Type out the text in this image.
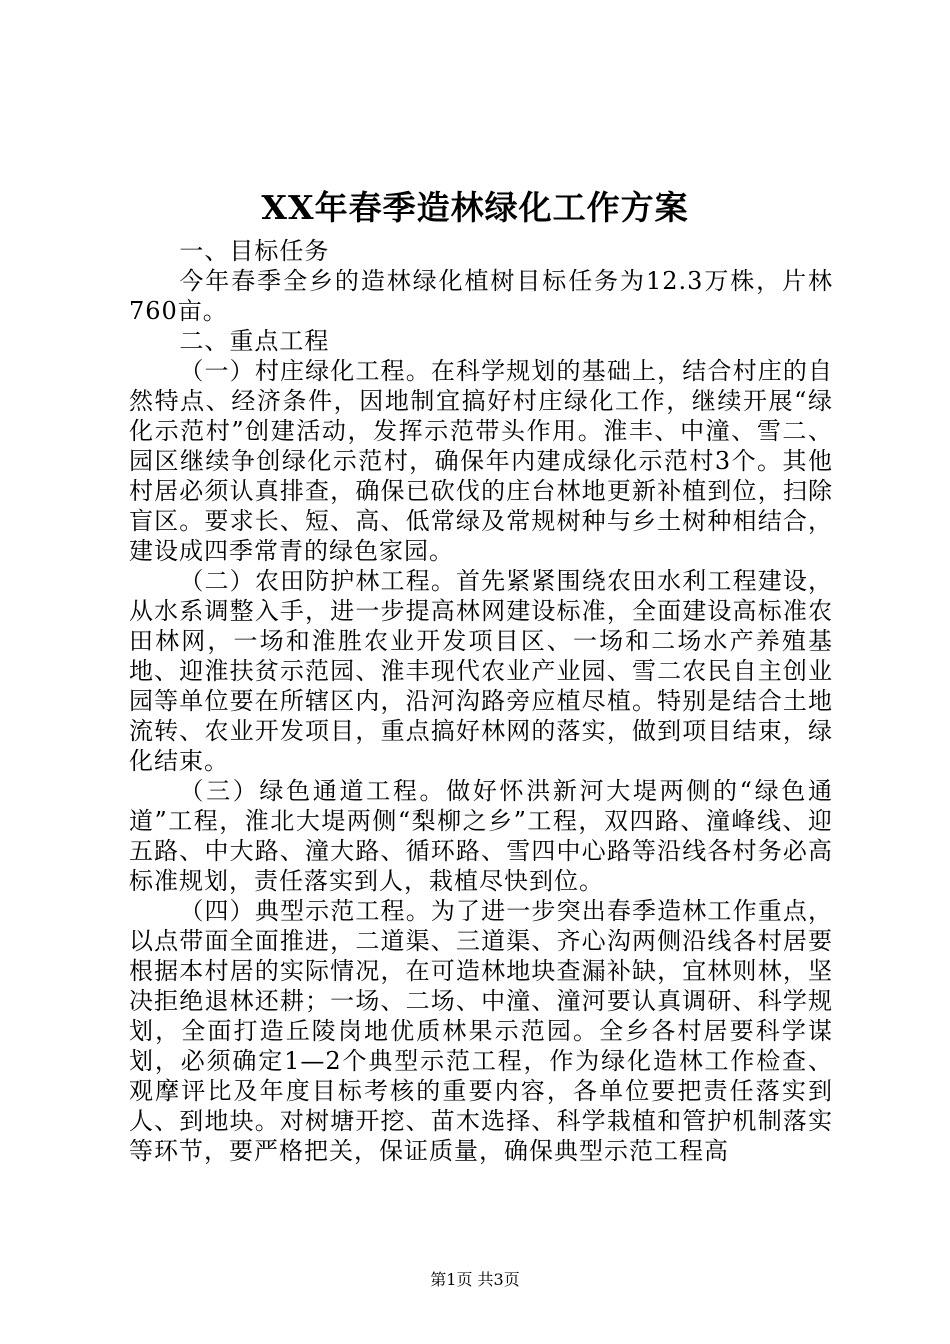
XX年春季造林绿化工作方案

一、目标任务

今年春季全乡的造林绿化植树目标任务为12.3万株，片林760亩。

二、重点工程

（一）村庄绿化工程。在科学规划的基础上，结合村庄的自然特点、经济条件，因地制宜搞好村庄绿化工作，继续开展“绿化示范村”创建活动，发挥示范带头作用。淮丰、中潼、雪二、园区继续争创绿化示范村，确保年内建成绿化示范村3个。其他村居必须认真排查，确保已砍伐的庄台林地更新补植到位，扫除盲区。要求长、短、高、低常绿及常规树种与乡土树种相结合，建设成四季常青的绿色家园。

（二）农田防护林工程。首先紧紧围绕农田水利工程建设，从水系调整入手，进一步提高林网建设标准，全面建设高标准农田林网，一场和淮胜农业开发项目区、一场和二场水产养殖基地、迎淮扶贫示范园、淮丰现代农业产业园、雪二农民自主创业园等单位要在所辖区内，沿河沟路旁应植尽植。特别是结合土地流转、农业开发项目，重点搞好林网的落实，做到项目结束，绿化结束。

（三）绿色通道工程。做好怀洪新河大堤两侧的“绿色通道”工程，淮北大堤两侧“梨柳之乡”工程，双四路、潼峰线、迎五路、中大路、潼大路、循环路、雪四中心路等沿线各村务必高标准规划，责任落实到人，栽植尽快到位。

（四）典型示范工程。为了进一步突出春季造林工作重点，以点带面全面推进，二道渠、三道渠、齐心沟两侧沿线各村居要根据本村居的实际情况，在可造林地块查漏补缺，宜林则林，坚决拒绝退林还耕；一场、二场、中潼、潼河要认真调研、科学规划，全面打造丘陵岗地优质林果示范园。全乡各村居要科学谋划，必须确定1—2个典型示范工程，作为绿化造林工作检查、观摩评比及年度目标考核的重要内容，各单位要把责任落实到人、到地块。对树塘开挖、苗木选择、科学栽植和管护机制落实等环节，要严格把关，保证质量，确保典型示范工程高

第1页 共3页
